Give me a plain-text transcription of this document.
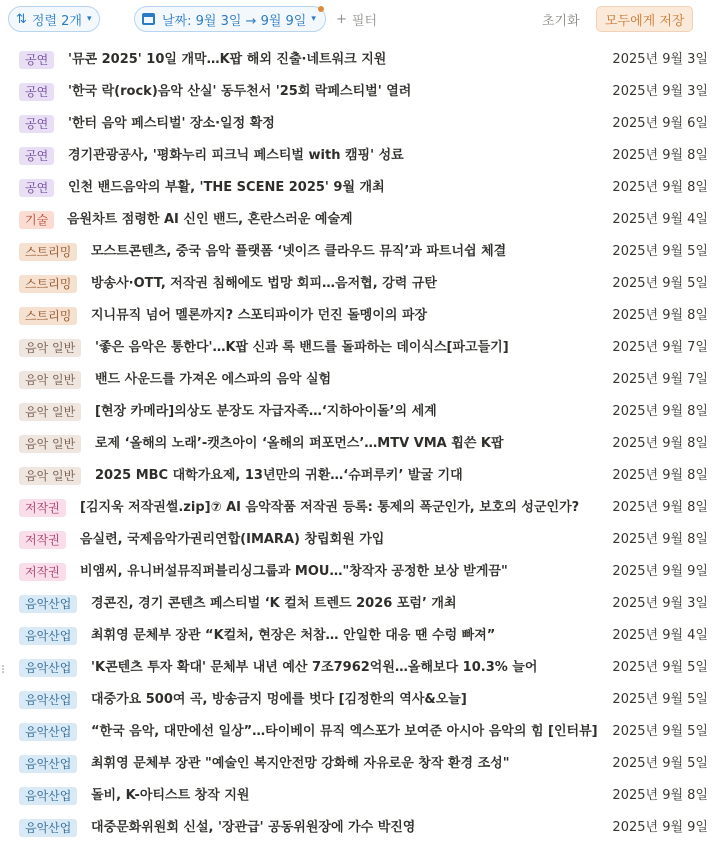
⇅ 정렬 2개 ▾	날짜: 9월 3일 → 9월 9일 ▾ + 필터	초기화 모두에게 저장
공연	'뮤콘 2025' 10일 개막…K팝 해외 진출·네트워크 지원	2025년 9월 3일
공연	'한국 락(rock)음악 산실' 동두천서 '25회 락페스티벌' 열려	2025년 9월 3일
공연	'한터 음악 페스티벌' 장소·일정 확정	2025년 9월 6일
공연	경기관광공사, '평화누리 피크닉 페스티벌 with 캠핑' 성료	2025년 9월 8일
공연	인천 밴드음악의 부활, 'THE SCENE 2025' 9월 개최	2025년 9월 8일
기술	음원차트 점령한 AI 신인 밴드, 혼란스러운 예술계	2025년 9월 4일
스트리밍	모스트콘텐츠, 중국 음악 플랫폼 ‘넷이즈 클라우드 뮤직’과 파트너쉽 체결	2025년 9월 5일
스트리밍	방송사·OTT, 저작권 침해에도 법망 회피…음저협, 강력 규탄	2025년 9월 5일
스트리밍	지니뮤직 넘어 멜론까지? 스포티파이가 던진 돌멩이의 파장	2025년 9월 8일
음악 일반	'좋은 음악은 통한다'…K팝 신과 록 밴드를 돌파하는 데이식스[파고들기]	2025년 9월 7일
음악 일반	밴드 사운드를 가져온 에스파의 음악 실험	2025년 9월 7일
음악 일반	[현장 카메라]의상도 분장도 자급자족…‘지하아이돌’의 세계	2025년 9월 8일
음악 일반	로제 ‘올해의 노래’-캣츠아이 ‘올해의 퍼포먼스’…MTV VMA 휩쓴 K팝	2025년 9월 8일
음악 일반	2025 MBC 대학가요제, 13년만의 귀환…‘슈퍼루키’ 발굴 기대	2025년 9월 8일
저작권	[김지욱 저작권썰.zip]⑦ AI 음악작품 저작권 등록: 통제의 폭군인가, 보호의 성군인가?	2025년 9월 8일
저작권	음실련, 국제음악가권리연합(IMARA) 창립회원 가입	2025년 9월 8일
저작권	비앰씨, 유니버설뮤직퍼블리싱그룹과 MOU…"창작자 공정한 보상 받게끔"	2025년 9월 9일
음악산업	경콘진, 경기 콘텐츠 페스티벌 ‘K 컬처 트렌드 2026 포럼’ 개최	2025년 9월 3일
음악산업	최휘영 문체부 장관 “K컬처, 현장은 처참… 안일한 대응 땐 수렁 빠져”	2025년 9월 4일
음악산업	'K콘텐츠 투자 확대' 문체부 내년 예산 7조7962억원…올해보다 10.3% 늘어	2025년 9월 5일
음악산업	대중가요 500여 곡, 방송금지 멍에를 벗다 [김정한의 역사&오늘]	2025년 9월 5일
음악산업	“한국 음악, 대만에선 일상”…타이베이 뮤직 엑스포가 보여준 아시아 음악의 힘 [인터뷰] 2025년 9월 5일
음악산업	최휘영 문체부 장관 "예술인 복지안전망 강화해 자유로운 창작 환경 조성"	2025년 9월 5일
음악산업	돌비, K-아티스트 창작 지원	2025년 9월 8일
음악산업	대중문화위원회 신설, '장관급' 공동위원장에 가수 박진영	2025년 9월 9일
